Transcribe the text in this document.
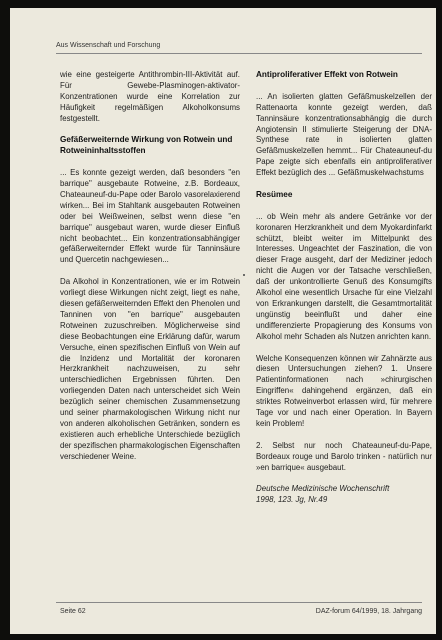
Aus Wissenschaft und Forschung

wie eine gesteigerte Antithrombin-III-Aktivität auf. Für Gewebe-Plasminogen-aktivator-Konzentrationen wurde eine Korrelation zur Häufigkeit regelmäßigen Alkoholkonsums festgestellt.

Gefäßerweiternde Wirkung von Rotwein und Rotweininhaltsstoffen

... Es konnte gezeigt werden, daß besonders "en barrique" ausgebaute Rotweine, z.B. Bordeaux, Chateauneuf-du-Pape oder Barolo vasorelaxierend wirken... Bei im Stahltank ausgebauten Rotweinen oder bei Weißweinen, selbst wenn diese "en barrique" ausgebaut waren, wurde dieser Einfluß nicht beobachtet... Ein konzentrationsabhängiger gefäßerweiternder Effekt wurde für Tanninsäure und Quercetin nachgewiesen...

Da Alkohol in Konzentrationen, wie er im Rotwein vorliegt diese Wirkungen nicht zeigt, liegt es nahe, diesen gefäßerweiternden Effekt den Phenolen und Tanninen von "en barrique" ausgebauten Rotweinen zuzuschreiben. Möglicherweise sind diese Beobachtungen eine Erklärung dafür, warum Versuche, einen spezifischen Einfluß von Wein auf die Inzidenz und Mortalität der koronaren Herzkrankheit nachzuweisen, zu sehr unterschiedlichen Ergebnissen führten. Den vorliegenden Daten nach unterscheidet sich Wein bezüglich seiner chemischen Zusammensetzung und seiner pharmakologischen Wirkung nicht nur von anderen alkoholischen Getränken, sondern es existieren auch erhebliche Unterschiede bezüglich der spezifischen pharmakologischen Eigenschaften verschiedener Weine.

Antiproliferativer Effekt von Rotwein

... An isolierten glatten Gefäßmuskelzellen der Rattenaorta konnte gezeigt werden, daß Tanninsäure konzentrationsabhängig die durch Angiotensin II stimulierte Steigerung der DNA-Synthese rate in isolierten glatten Gefäßmuskelzellen hemmt... Für Chateauneuf-du Pape zeigte sich ebenfalls ein antiproliferativer Effekt bezüglich des ... Gefäßmuskelwachstums

Resümee

... ob Wein mehr als andere Getränke vor der koronaren Herzkrankheit und dem Myokardinfarkt schützt, bleibt weiter im Mittelpunkt des Interesses. Ungeachtet der Faszination, die von dieser Frage ausgeht, darf der Mediziner jedoch nicht die Augen vor der Tatsache verschließen, daß der unkontrollierte Genuß des Konsumgifts Alkohol eine wesentlich Ursache für eine Vielzahl von Erkrankungen darstellt, die Gesamtmortalität ungünstig beeinflußt und daher eine undifferenzierte Propagierung des Konsums von Alkohol mehr Schaden als Nutzen anrichten kann.

Welche Konsequenzen können wir Zahnärzte aus diesen Untersuchungen ziehen? 1. Unsere Patientinformationen nach »chirurgischen Eingriffen« dahingehend ergänzen, daß ein striktes Rotweinverbot erlassen wird, für mehrere Tage vor und nach einer Operation. In Bayern kein Problem!

2. Selbst nur noch Chateauneuf-du-Pape, Bordeaux rouge und Barolo trinken - natürlich nur »en barrique« ausgebaut.

Deutsche Medizinische Wochenschrift
1998, 123. Jg, Nr.49
Seite 62	DAZ-forum 64/1999, 18. Jahrgang
